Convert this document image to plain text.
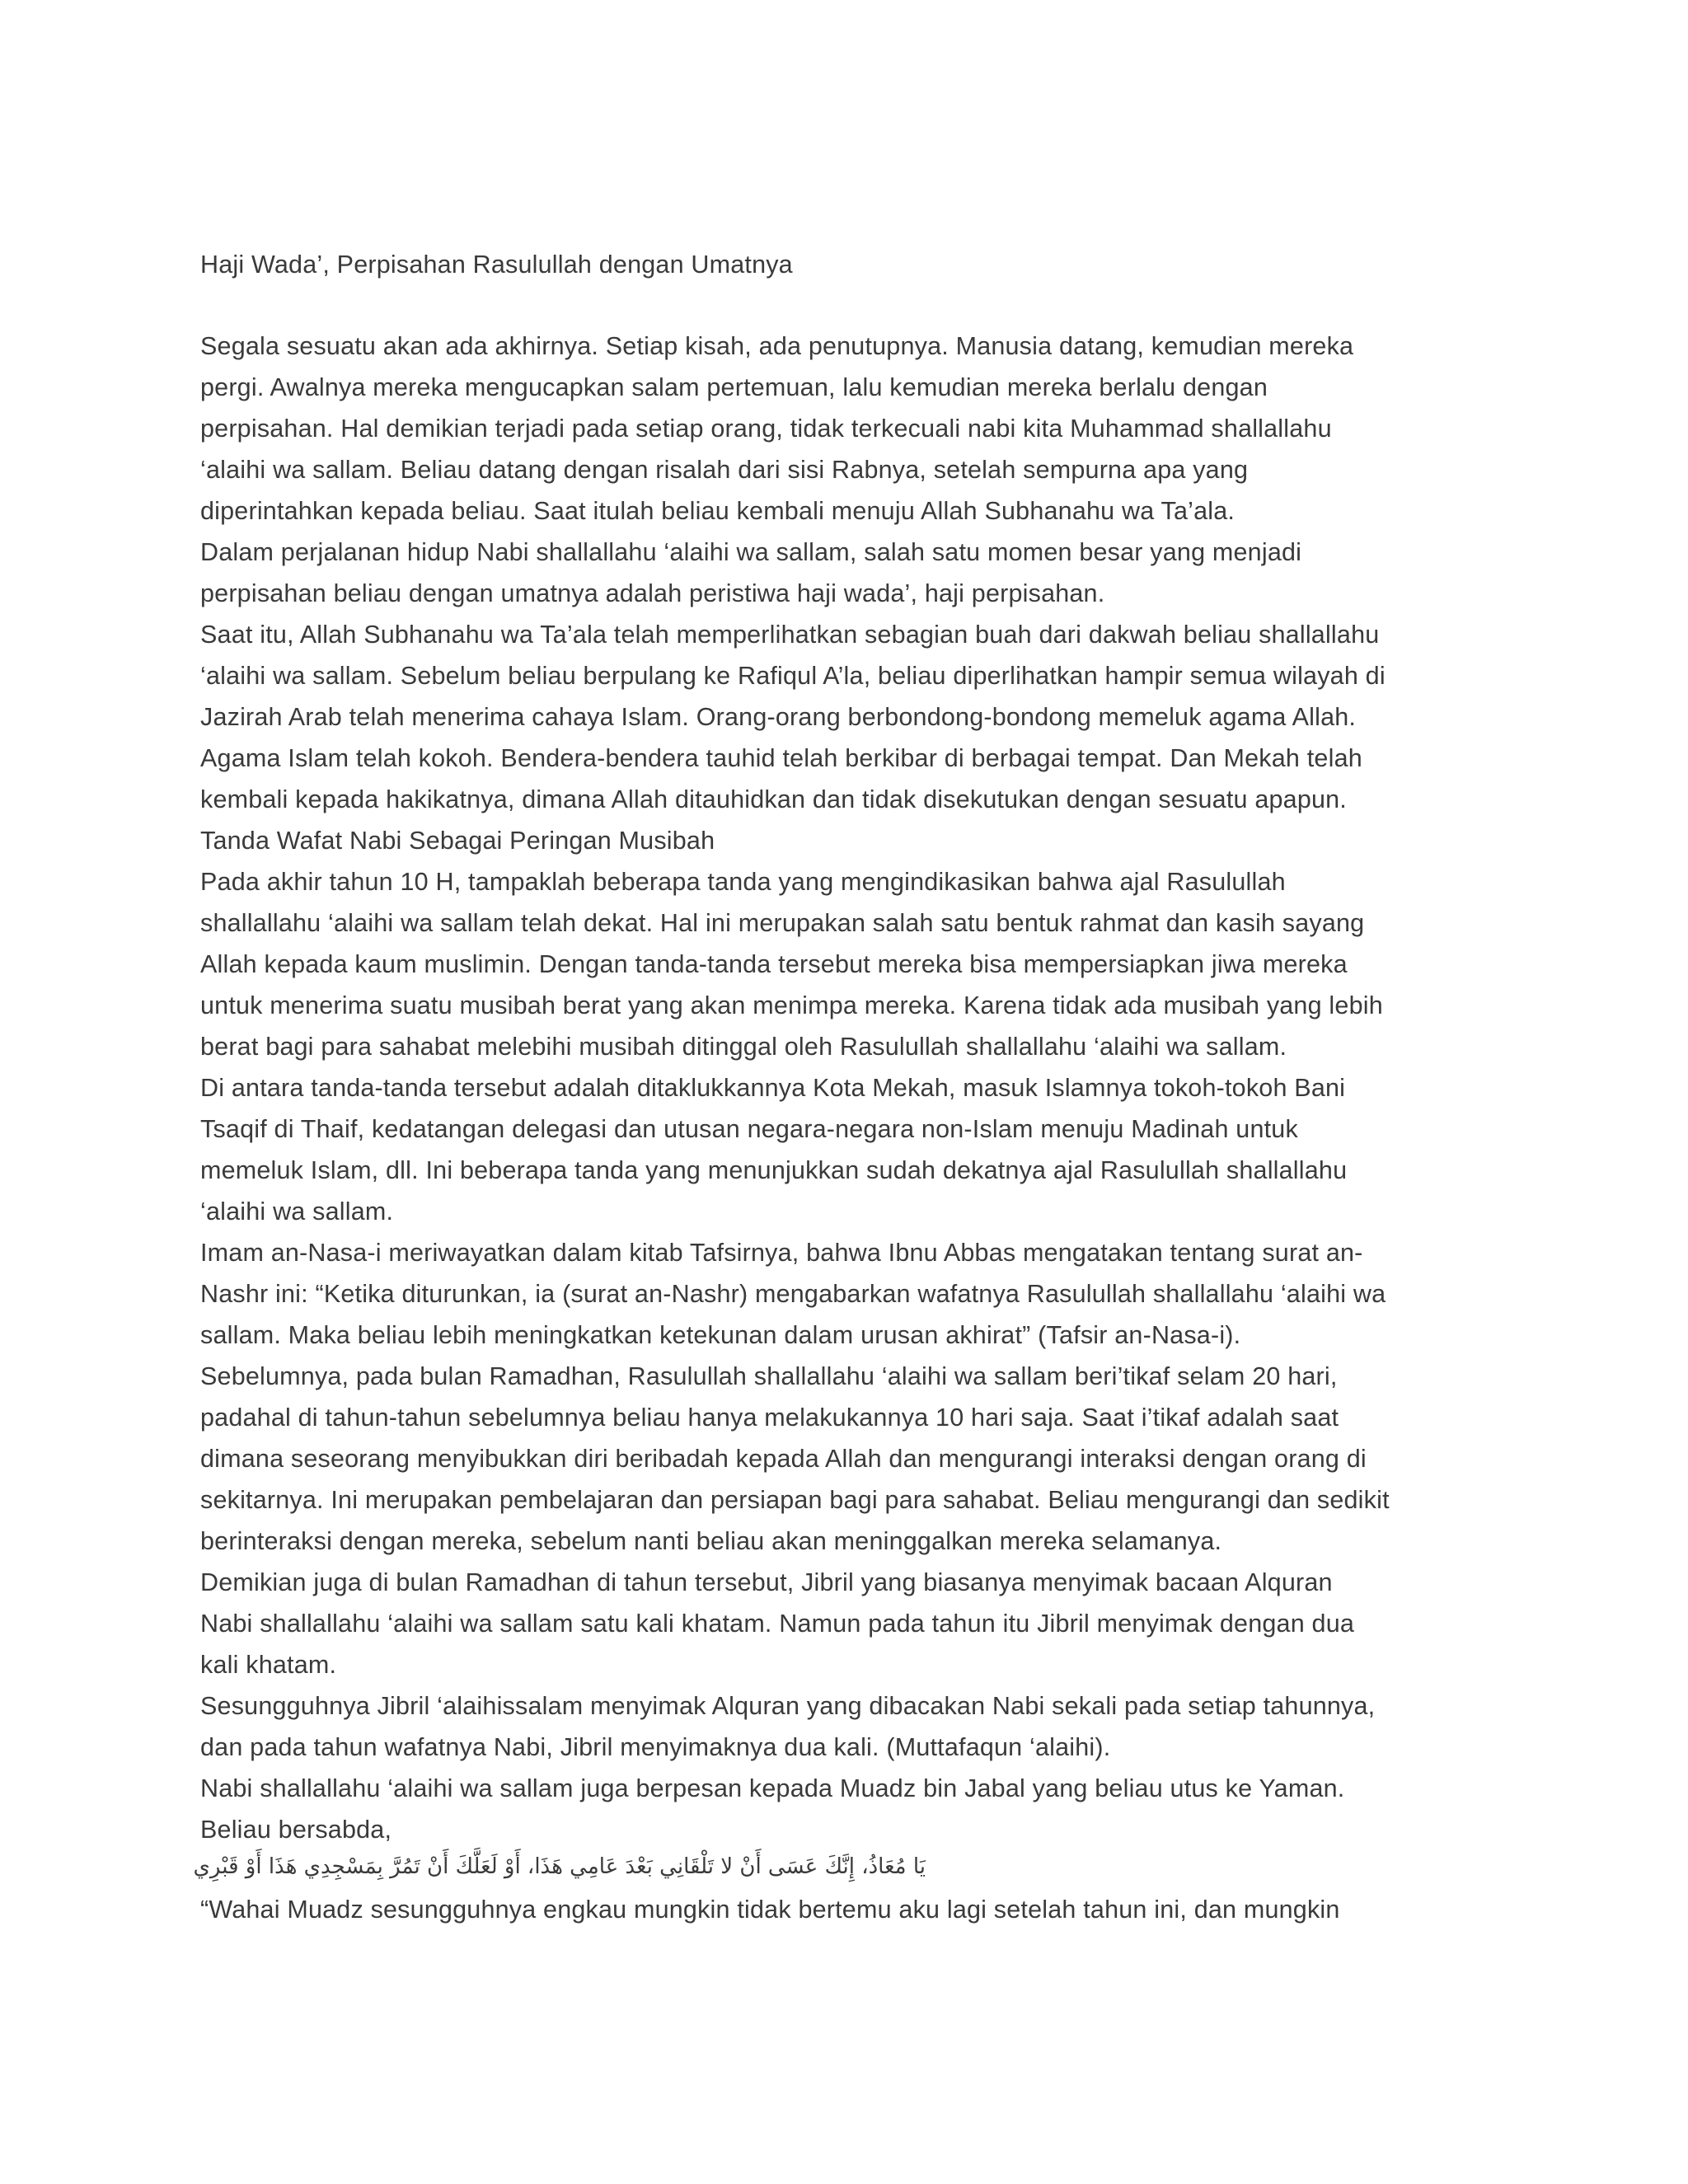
Haji Wada’, Perpisahan Rasulullah dengan Umatnya
Segala sesuatu akan ada akhirnya. Setiap kisah, ada penutupnya. Manusia datang, kemudian mereka
pergi. Awalnya mereka mengucapkan salam pertemuan, lalu kemudian mereka berlalu dengan
perpisahan. Hal demikian terjadi pada setiap orang, tidak terkecuali nabi kita Muhammad shallallahu
‘alaihi wa sallam. Beliau datang dengan risalah dari sisi Rabnya, setelah sempurna apa yang
diperintahkan kepada beliau. Saat itulah beliau kembali menuju Allah Subhanahu wa Ta’ala.
Dalam perjalanan hidup Nabi shallallahu ‘alaihi wa sallam, salah satu momen besar yang menjadi
perpisahan beliau dengan umatnya adalah peristiwa haji wada’, haji perpisahan.
Saat itu, Allah Subhanahu wa Ta’ala telah memperlihatkan sebagian buah dari dakwah beliau shallallahu
‘alaihi wa sallam. Sebelum beliau berpulang ke Rafiqul A’la, beliau diperlihatkan hampir semua wilayah di
Jazirah Arab telah menerima cahaya Islam. Orang-orang berbondong-bondong memeluk agama Allah.
Agama Islam telah kokoh. Bendera-bendera tauhid telah berkibar di berbagai tempat. Dan Mekah telah
kembali kepada hakikatnya, dimana Allah ditauhidkan dan tidak disekutukan dengan sesuatu apapun.
Tanda Wafat Nabi Sebagai Peringan Musibah
Pada akhir tahun 10 H, tampaklah beberapa tanda yang mengindikasikan bahwa ajal Rasulullah
shallallahu ‘alaihi wa sallam telah dekat. Hal ini merupakan salah satu bentuk rahmat dan kasih sayang
Allah kepada kaum muslimin. Dengan tanda-tanda tersebut mereka bisa mempersiapkan jiwa mereka
untuk menerima suatu musibah berat yang akan menimpa mereka. Karena tidak ada musibah yang lebih
berat bagi para sahabat melebihi musibah ditinggal oleh Rasulullah shallallahu ‘alaihi wa sallam.
Di antara tanda-tanda tersebut adalah ditaklukkannya Kota Mekah, masuk Islamnya tokoh-tokoh Bani
Tsaqif di Thaif, kedatangan delegasi dan utusan negara-negara non-Islam menuju Madinah untuk
memeluk Islam, dll. Ini beberapa tanda yang menunjukkan sudah dekatnya ajal Rasulullah shallallahu
‘alaihi wa sallam.
Imam an-Nasa-i meriwayatkan dalam kitab Tafsirnya, bahwa Ibnu Abbas mengatakan tentang surat an-
Nashr ini: “Ketika diturunkan, ia (surat an-Nashr) mengabarkan wafatnya Rasulullah shallallahu ‘alaihi wa
sallam. Maka beliau lebih meningkatkan ketekunan dalam urusan akhirat” (Tafsir an-Nasa-i).
Sebelumnya, pada bulan Ramadhan, Rasulullah shallallahu ‘alaihi wa sallam beri’tikaf selam 20 hari,
padahal di tahun-tahun sebelumnya beliau hanya melakukannya 10 hari saja. Saat i’tikaf adalah saat
dimana seseorang menyibukkan diri beribadah kepada Allah dan mengurangi interaksi dengan orang di
sekitarnya. Ini merupakan pembelajaran dan persiapan bagi para sahabat. Beliau mengurangi dan sedikit
berinteraksi dengan mereka, sebelum nanti beliau akan meninggalkan mereka selamanya.
Demikian juga di bulan Ramadhan di tahun tersebut, Jibril yang biasanya menyimak bacaan Alquran
Nabi shallallahu ‘alaihi wa sallam satu kali khatam. Namun pada tahun itu Jibril menyimak dengan dua
kali khatam.
Sesungguhnya Jibril ‘alaihissalam menyimak Alquran yang dibacakan Nabi sekali pada setiap tahunnya,
dan pada tahun wafatnya Nabi, Jibril menyimaknya dua kali. (Muttafaqun ‘alaihi).
Nabi shallallahu ‘alaihi wa sallam juga berpesan kepada Muadz bin Jabal yang beliau utus ke Yaman.
Beliau bersabda,
يَا مُعَاذُ، إِنَّكَ عَسَى أَنْ لا تَلْقَانِي بَعْدَ عَامِي هَذَا، أَوْ لَعَلَّكَ أَنْ تَمُرَّ بِمَسْجِدِي هَذَا أَوْ قَبْرِي
“Wahai Muadz sesungguhnya engkau mungkin tidak bertemu aku lagi setelah tahun ini, dan mungkin
